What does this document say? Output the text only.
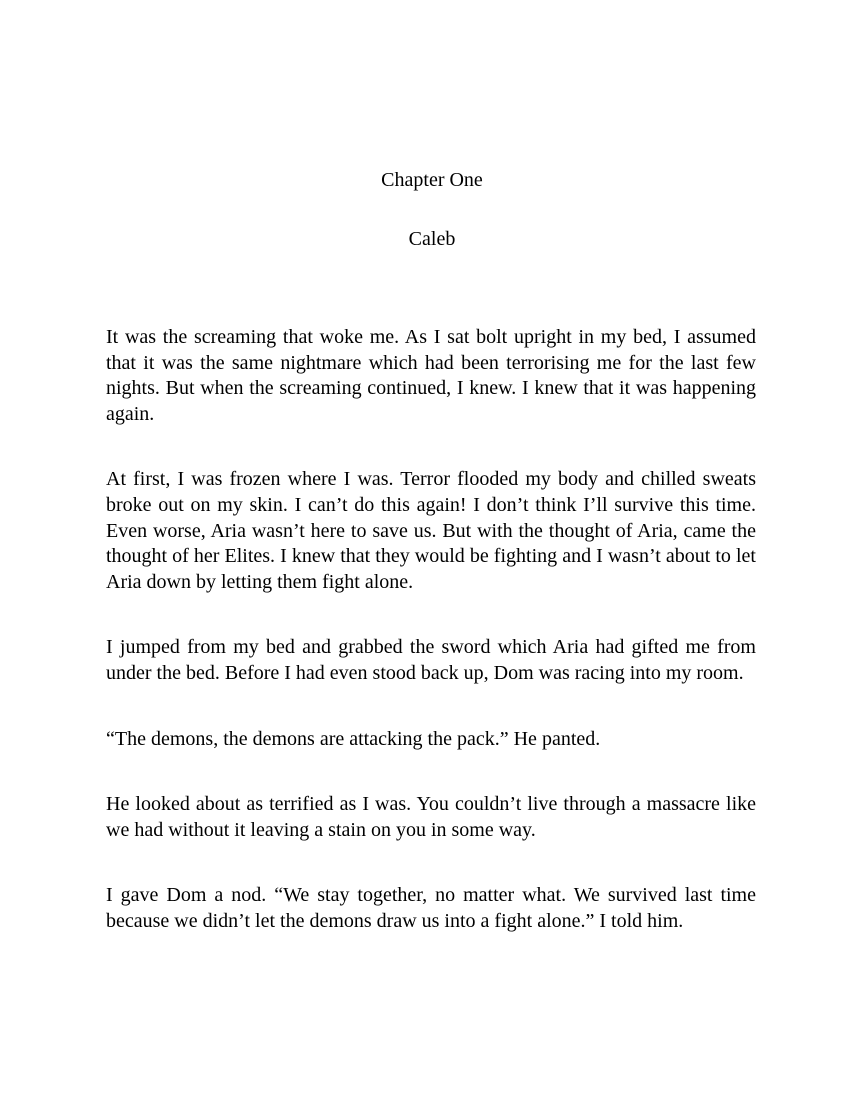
Chapter One
Caleb

It was the screaming that woke me. As I sat bolt upright in my bed, I assumed that it was the same nightmare which had been terrorising me for the last few nights. But when the screaming continued, I knew. I knew that it was happening again.

At first, I was frozen where I was. Terror flooded my body and chilled sweats broke out on my skin. I can’t do this again! I don’t think I’ll survive this time. Even worse, Aria wasn’t here to save us. But with the thought of Aria, came the thought of her Elites. I knew that they would be fighting and I wasn’t about to let Aria down by letting them fight alone.

I jumped from my bed and grabbed the sword which Aria had gifted me from under the bed. Before I had even stood back up, Dom was racing into my room.

“The demons, the demons are attacking the pack.” He panted.

He looked about as terrified as I was. You couldn’t live through a massacre like we had without it leaving a stain on you in some way.

I gave Dom a nod. “We stay together, no matter what. We survived last time because we didn’t let the demons draw us into a fight alone.” I told him.
